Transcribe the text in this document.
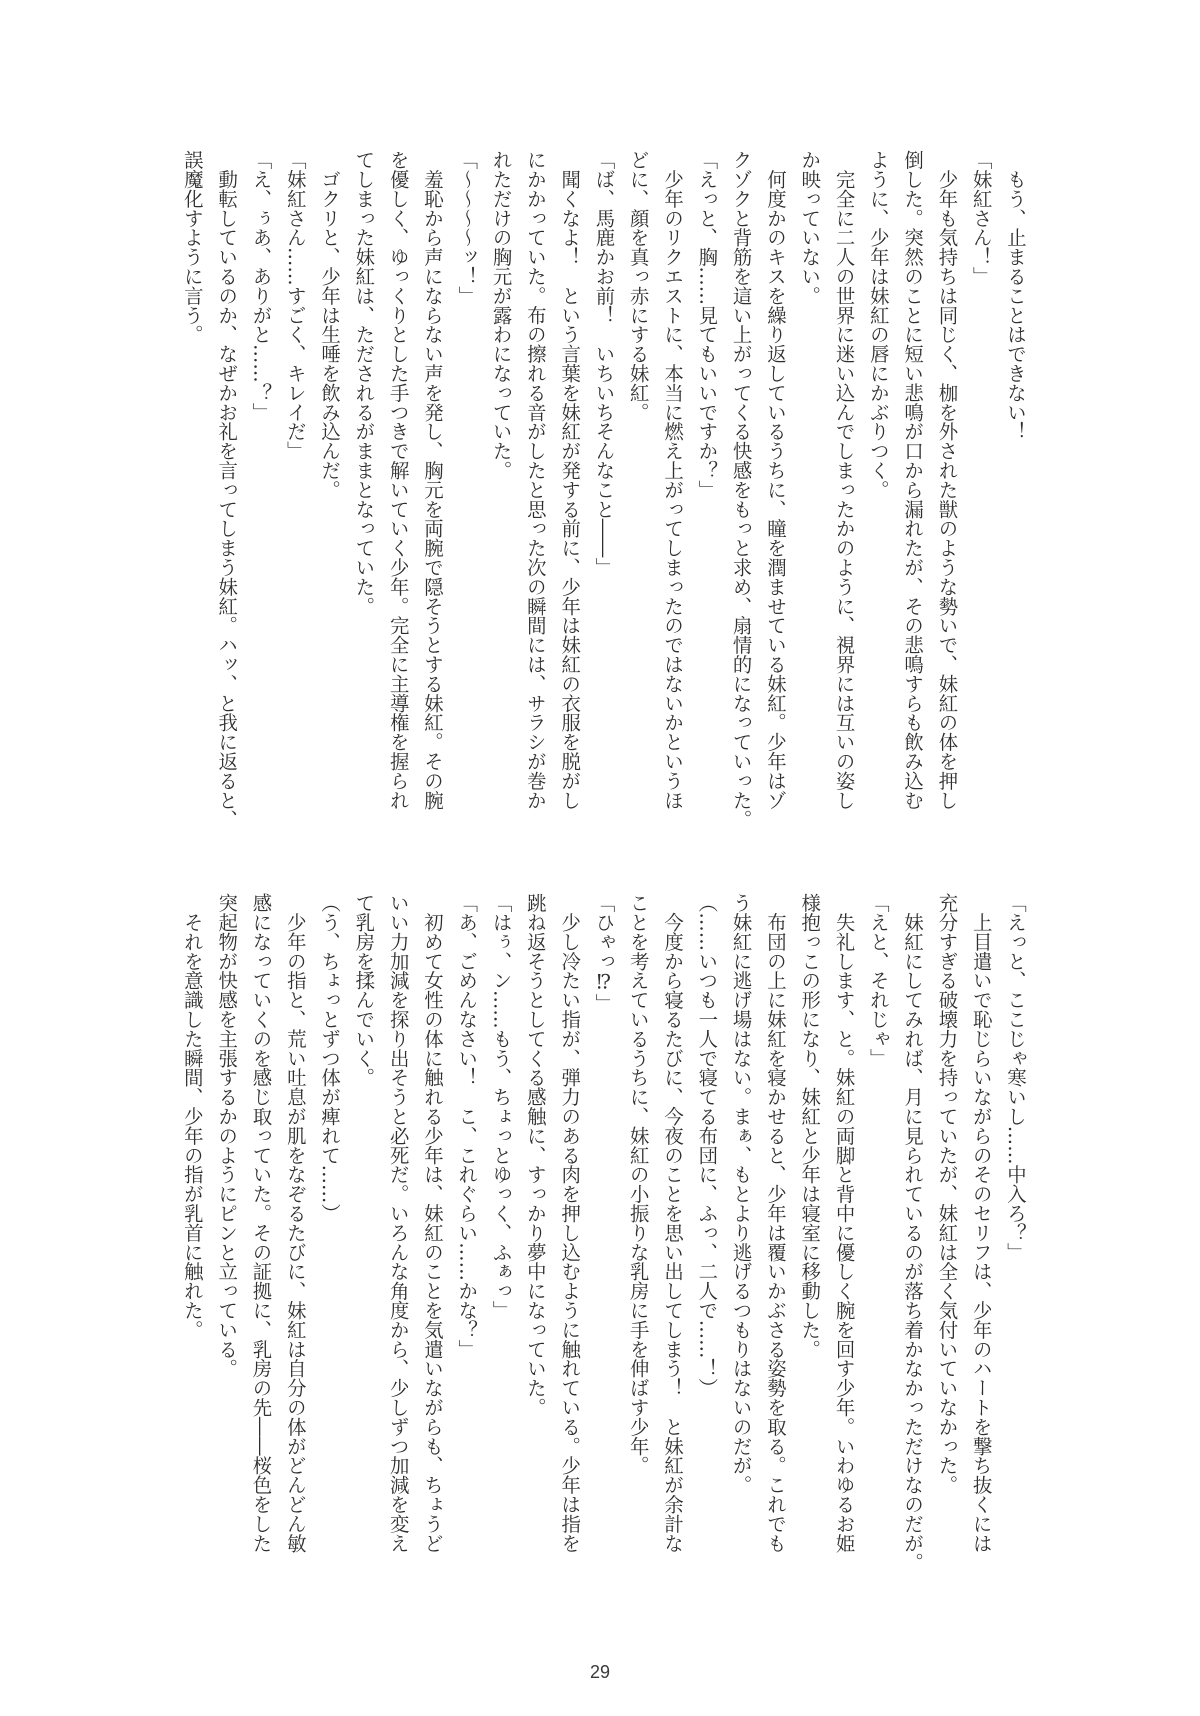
　もう、止まることはできない！
「妹紅さん！」
　少年も気持ちは同じく、枷を外された獣のような勢いで、妹紅の体を押し
倒した。突然のことに短い悲鳴が口から漏れたが、その悲鳴すらも飲み込む
ように、少年は妹紅の唇にかぶりつく。
　完全に二人の世界に迷い込んでしまったかのように、視界には互いの姿し
か映っていない。
　何度かのキスを繰り返しているうちに、瞳を潤ませている妹紅。少年はゾ
クゾクと背筋を這い上がってくる快感をもっと求め、扇情的になっていった。
「えっと、胸……見てもいいですか？」
　少年のリクエストに、本当に燃え上がってしまったのではないかというほ
どに、顔を真っ赤にする妹紅。
「ば、馬鹿かお前！　いちいちそんなこと――」
　聞くなよ！　という言葉を妹紅が発する前に、少年は妹紅の衣服を脱がし
にかかっていた。布の擦れる音がしたと思った次の瞬間には、サラシが巻か
れただけの胸元が露わになっていた。
「〜〜〜〜ッ！」
　羞恥から声にならない声を発し、胸元を両腕で隠そうとする妹紅。その腕
を優しく、ゆっくりとした手つきで解いていく少年。完全に主導権を握られ
てしまった妹紅は、ただされるがままとなっていた。
　ゴクリと、少年は生唾を飲み込んだ。
「妹紅さん……すごく、キレイだ」
「え、ぅあ、ありがと……？」
　動転しているのか、なぜかお礼を言ってしまう妹紅。ハッ、と我に返ると、
誤魔化すように言う。
「えっと、ここじゃ寒いし……中入ろ？」
　上目遣いで恥じらいながらのそのセリフは、少年のハートを撃ち抜くには
充分すぎる破壊力を持っていたが、妹紅は全く気付いていなかった。
　妹紅にしてみれば、月に見られているのが落ち着かなかっただけなのだが。
「えと、それじゃ」
　失礼します、と。妹紅の両脚と背中に優しく腕を回す少年。いわゆるお姫
様抱っこの形になり、妹紅と少年は寝室に移動した。
　布団の上に妹紅を寝かせると、少年は覆いかぶさる姿勢を取る。これでも
う妹紅に逃げ場はない。まぁ、もとより逃げるつもりはないのだが。
（……いつも一人で寝てる布団に、ふっ、二人で……！）
　今度から寝るたびに、今夜のことを思い出してしまう！　と妹紅が余計な
ことを考えているうちに、妹紅の小振りな乳房に手を伸ばす少年。
「ひゃっ⁉」
　少し冷たい指が、弾力のある肉を押し込むように触れている。少年は指を
跳ね返そうとしてくる感触に、すっかり夢中になっていた。
「はぅ、ン……もう、ちょっとゆっく、ふぁっ」
「あ、ごめんなさい！　こ、これぐらい……かな？」
　初めて女性の体に触れる少年は、妹紅のことを気遣いながらも、ちょうど
いい力加減を探り出そうと必死だ。いろんな角度から、少しずつ加減を変え
て乳房を揉んでいく。
（う、ちょっとずつ体が痺れて……）
　少年の指と、荒い吐息が肌をなぞるたびに、妹紅は自分の体がどんどん敏
感になっていくのを感じ取っていた。その証拠に、乳房の先――桜色をした
突起物が快感を主張するかのようにピンと立っている。
　それを意識した瞬間、少年の指が乳首に触れた。
29
